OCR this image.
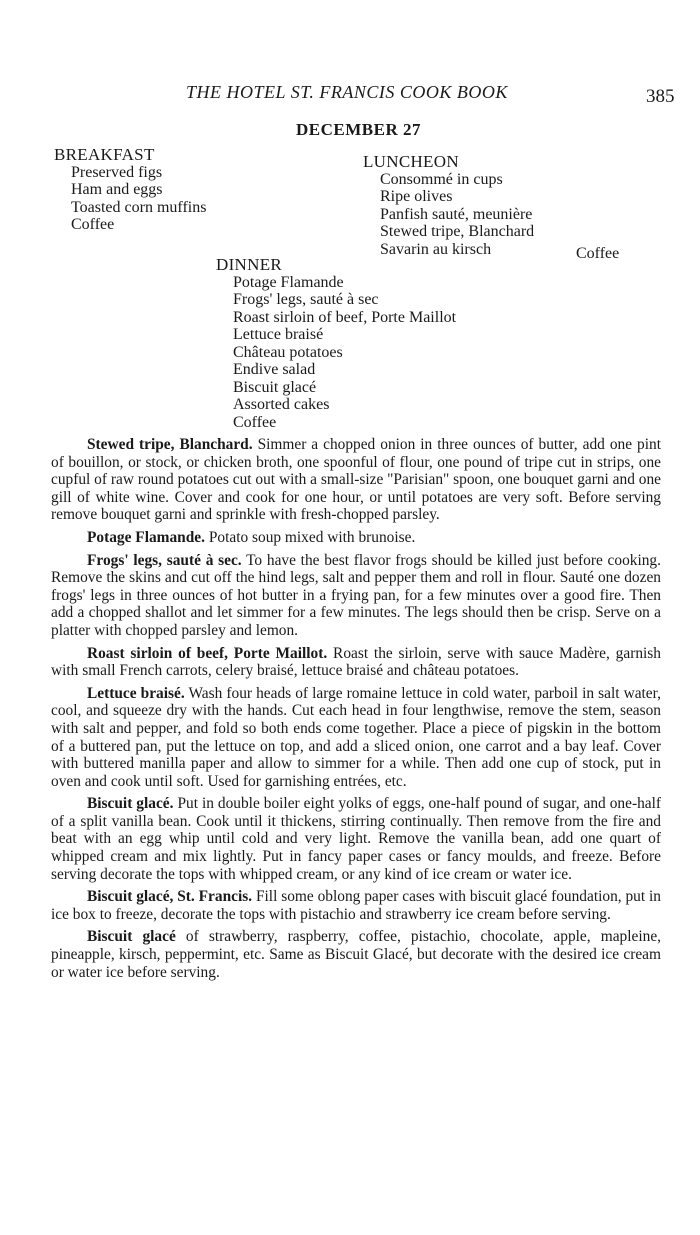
THE HOTEL ST. FRANCIS COOK BOOK	385
DECEMBER 27
BREAKFAST
Preserved figs
Ham and eggs
Toasted corn muffins
Coffee
LUNCHEON
Consommé in cups
Ripe olives
Panfish sauté, meunière
Stewed tripe, Blanchard
Savarin au kirsch	Coffee
DINNER
Potage Flamande
Frogs' legs, sauté à sec
Roast sirloin of beef, Porte Maillot
Lettuce braisé
Château potatoes
Endive salad
Biscuit glacé
Assorted cakes
Coffee

Stewed tripe, Blanchard. Simmer a chopped onion in three ounces of butter, add one pint of bouillon, or stock, or chicken broth, one spoonful of flour, one pound of tripe cut in strips, one cupful of raw round potatoes cut out with a small-size "Parisian" spoon, one bouquet garni and one gill of white wine. Cover and cook for one hour, or until potatoes are very soft. Before serving remove bouquet garni and sprinkle with fresh-chopped parsley.

Potage Flamande. Potato soup mixed with brunoise.

Frogs' legs, sauté à sec. To have the best flavor frogs should be killed just before cooking. Remove the skins and cut off the hind legs, salt and pepper them and roll in flour. Sauté one dozen frogs' legs in three ounces of hot butter in a frying pan, for a few minutes over a good fire. Then add a chopped shallot and let simmer for a few minutes. The legs should then be crisp. Serve on a platter with chopped parsley and lemon.

Roast sirloin of beef, Porte Maillot. Roast the sirloin, serve with sauce Madère, garnish with small French carrots, celery braisé, lettuce braisé and château potatoes.

Lettuce braisé. Wash four heads of large romaine lettuce in cold water, parboil in salt water, cool, and squeeze dry with the hands. Cut each head in four lengthwise, remove the stem, season with salt and pepper, and fold so both ends come together. Place a piece of pigskin in the bottom of a buttered pan, put the lettuce on top, and add a sliced onion, one carrot and a bay leaf. Cover with buttered manilla paper and allow to simmer for a while. Then add one cup of stock, put in oven and cook until soft. Used for garnishing entrées, etc.

Biscuit glacé. Put in double boiler eight yolks of eggs, one-half pound of sugar, and one-half of a split vanilla bean. Cook until it thickens, stirring continually. Then remove from the fire and beat with an egg whip until cold and very light. Remove the vanilla bean, add one quart of whipped cream and mix lightly. Put in fancy paper cases or fancy moulds, and freeze. Before serving decorate the tops with whipped cream, or any kind of ice cream or water ice.

Biscuit glacé, St. Francis. Fill some oblong paper cases with biscuit glacé foundation, put in ice box to freeze, decorate the tops with pistachio and strawberry ice cream before serving.

Biscuit glacé of strawberry, raspberry, coffee, pistachio, chocolate, apple, mapleine, pineapple, kirsch, peppermint, etc. Same as Biscuit Glacé, but decorate with the desired ice cream or water ice before serving.
